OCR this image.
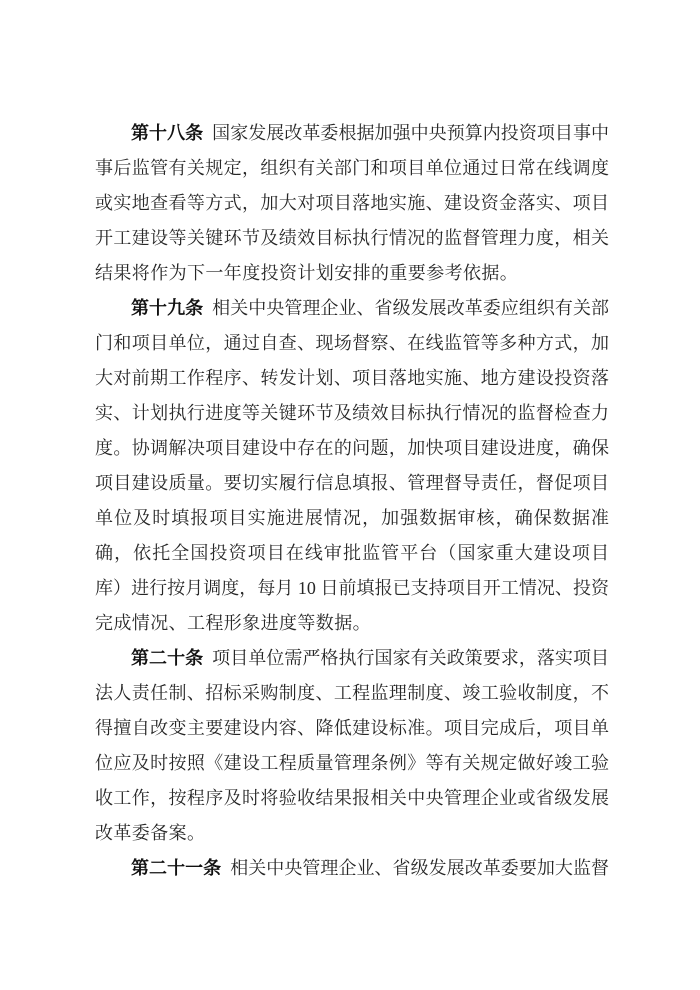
第十八条 国家发展改革委根据加强中央预算内投资项目事中
事后监管有关规定，组织有关部门和项目单位通过日常在线调度
或实地查看等方式，加大对项目落地实施、建设资金落实、项目
开工建设等关键环节及绩效目标执行情况的监督管理力度，相关
结果将作为下一年度投资计划安排的重要参考依据。
第十九条 相关中央管理企业、省级发展改革委应组织有关部
门和项目单位，通过自查、现场督察、在线监管等多种方式，加
大对前期工作程序、转发计划、项目落地实施、地方建设投资落
实、计划执行进度等关键环节及绩效目标执行情况的监督检查力
度。协调解决项目建设中存在的问题，加快项目建设进度，确保
项目建设质量。要切实履行信息填报、管理督导责任，督促项目
单位及时填报项目实施进展情况，加强数据审核，确保数据准
确，依托全国投资项目在线审批监管平台（国家重大建设项目
库）进行按月调度，每月 10 日前填报已支持项目开工情况、投资
完成情况、工程形象进度等数据。
第二十条 项目单位需严格执行国家有关政策要求，落实项目
法人责任制、招标采购制度、工程监理制度、竣工验收制度，不
得擅自改变主要建设内容、降低建设标准。项目完成后，项目单
位应及时按照《建设工程质量管理条例》等有关规定做好竣工验
收工作，按程序及时将验收结果报相关中央管理企业或省级发展
改革委备案。
第二十一条 相关中央管理企业、省级发展改革委要加大监督
